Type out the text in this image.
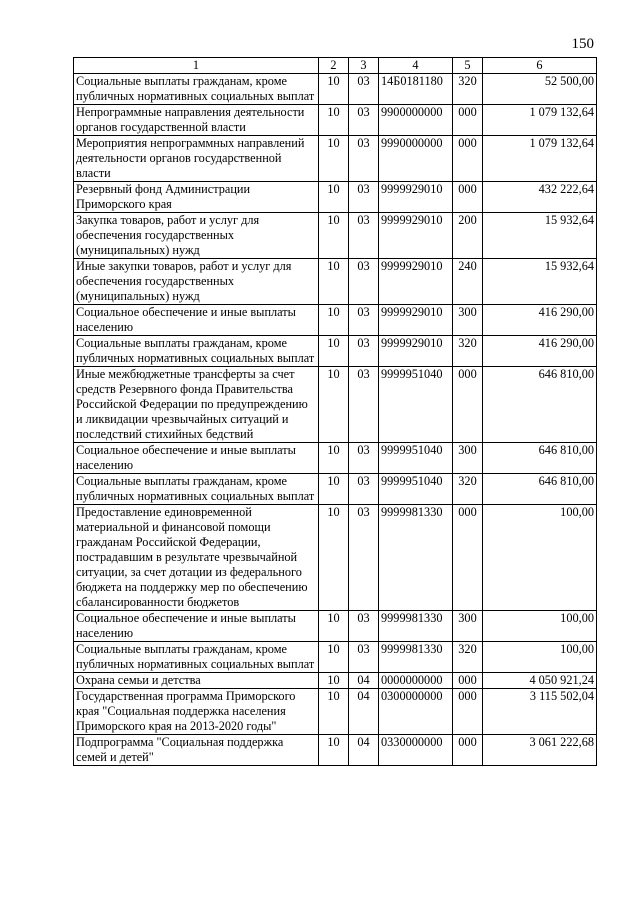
150
1	2	3	4	5	6
Социальные выплаты гражданам, кроме публичных нормативных социальных выплат	10	03	14Б0181180	320	52 500,00
Непрограммные направления деятельности органов государственной власти	10	03	9900000000	000	1 079 132,64
Мероприятия непрограммных направлений деятельности органов государственной власти	10	03	9990000000	000	1 079 132,64
Резервный фонд Администрации Приморского края	10	03	9999929010	000	432 222,64
Закупка товаров, работ и услуг для обеспечения государственных (муниципальных) нужд	10	03	9999929010	200	15 932,64
Иные закупки товаров, работ и услуг для обеспечения государственных (муниципальных) нужд	10	03	9999929010	240	15 932,64
Социальное обеспечение и иные выплаты населению	10	03	9999929010	300	416 290,00
Социальные выплаты гражданам, кроме публичных нормативных социальных выплат	10	03	9999929010	320	416 290,00
Иные межбюджетные трансферты за счет средств Резервного фонда Правительства Российской Федерации по предупреждению и ликвидации чрезвычайных ситуаций и последствий стихийных бедствий	10	03	9999951040	000	646 810,00
Социальное обеспечение и иные выплаты населению	10	03	9999951040	300	646 810,00
Социальные выплаты гражданам, кроме публичных нормативных социальных выплат	10	03	9999951040	320	646 810,00
Предоставление единовременной материальной и финансовой помощи гражданам Российской Федерации, пострадавшим в результате чрезвычайной ситуации, за счет дотации из федерального бюджета на поддержку мер по обеспечению сбалансированности бюджетов	10	03	9999981330	000	100,00
Социальное обеспечение и иные выплаты населению	10	03	9999981330	300	100,00
Социальные выплаты гражданам, кроме публичных нормативных социальных выплат	10	03	9999981330	320	100,00
Охрана семьи и детства	10	04	0000000000	000	4 050 921,24
Государственная программа Приморского края "Социальная поддержка населения Приморского края на 2013-2020 годы"	10	04	0300000000	000	3 115 502,04
Подпрограмма "Социальная поддержка семей и детей"	10	04	0330000000	000	3 061 222,68
